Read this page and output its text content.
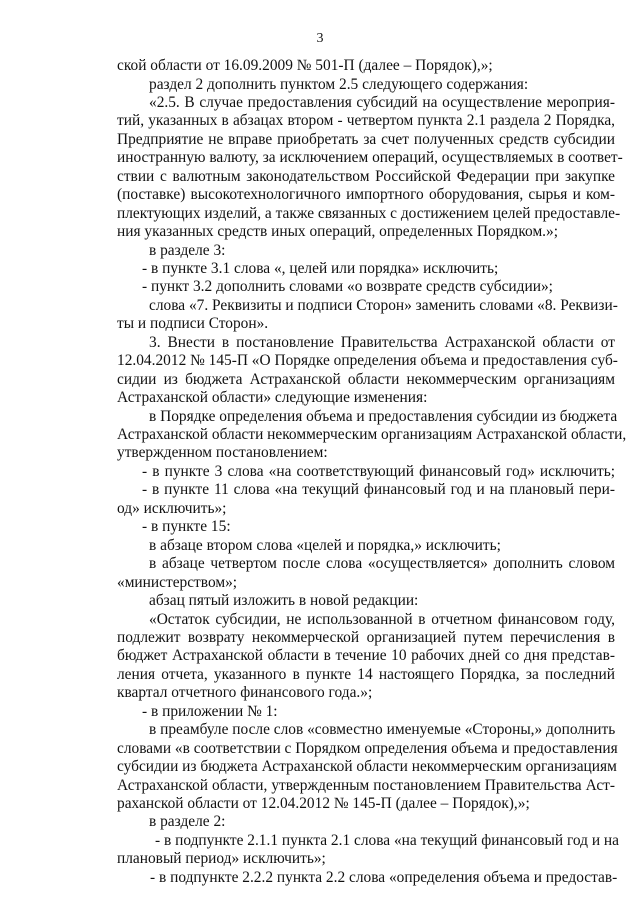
3
ской области от 16.09.2009 № 501-П (далее – Порядок),»;
раздел 2 дополнить пунктом 2.5 следующего содержания:
«2.5. В случае предоставления субсидий на осуществление мероприя-
тий, указанных в абзацах втором - четвертом пункта 2.1 раздела 2 Порядка,
Предприятие не вправе приобретать за счет полученных средств субсидии
иностранную валюту, за исключением операций, осуществляемых в соответ-
ствии с валютным законодательством Российской Федерации при закупке
(поставке) высокотехнологичного импортного оборудования, сырья и ком-
плектующих изделий, а также связанных с достижением целей предоставле-
ния указанных средств иных операций, определенных Порядком.»;
в разделе 3:
- в пункте 3.1 слова «, целей или порядка» исключить;
- пункт 3.2 дополнить словами «о возврате средств субсидии»;
слова «7. Реквизиты и подписи Сторон» заменить словами «8. Реквизи-
ты и подписи Сторон».
3. Внести в постановление Правительства Астраханской области от
12.04.2012 № 145-П «О Порядке определения объема и предоставления суб-
сидии из бюджета Астраханской области некоммерческим организациям
Астраханской области» следующие изменения:
в Порядке определения объема и предоставления субсидии из бюджета
Астраханской области некоммерческим организациям Астраханской области,
утвержденном постановлением:
- в пункте 3 слова «на соответствующий финансовый год» исключить;
- в пункте 11 слова «на текущий финансовый год и на плановый пери-
од» исключить»;
- в пункте 15:
в абзаце втором слова «целей и порядка,» исключить;
в абзаце четвертом после слова «осуществляется» дополнить словом
«министерством»;
абзац пятый изложить в новой редакции:
«Остаток субсидии, не использованной в отчетном финансовом году,
подлежит возврату некоммерческой организацией путем перечисления в
бюджет Астраханской области в течение 10 рабочих дней со дня представ-
ления отчета, указанного в пункте 14 настоящего Порядка, за последний
квартал отчетного финансового года.»;
- в приложении № 1:
в преамбуле после слов «совместно именуемые «Стороны,» дополнить
словами «в соответствии с Порядком определения объема и предоставления
субсидии из бюджета Астраханской области некоммерческим организациям
Астраханской области, утвержденным постановлением Правительства Аст-
раханской области от 12.04.2012 № 145-П (далее – Порядок),»;
в разделе 2:
- в подпункте 2.1.1 пункта 2.1 слова «на текущий финансовый год и на
плановый период» исключить»;
- в подпункте 2.2.2 пункта 2.2 слова «определения объема и предостав-
